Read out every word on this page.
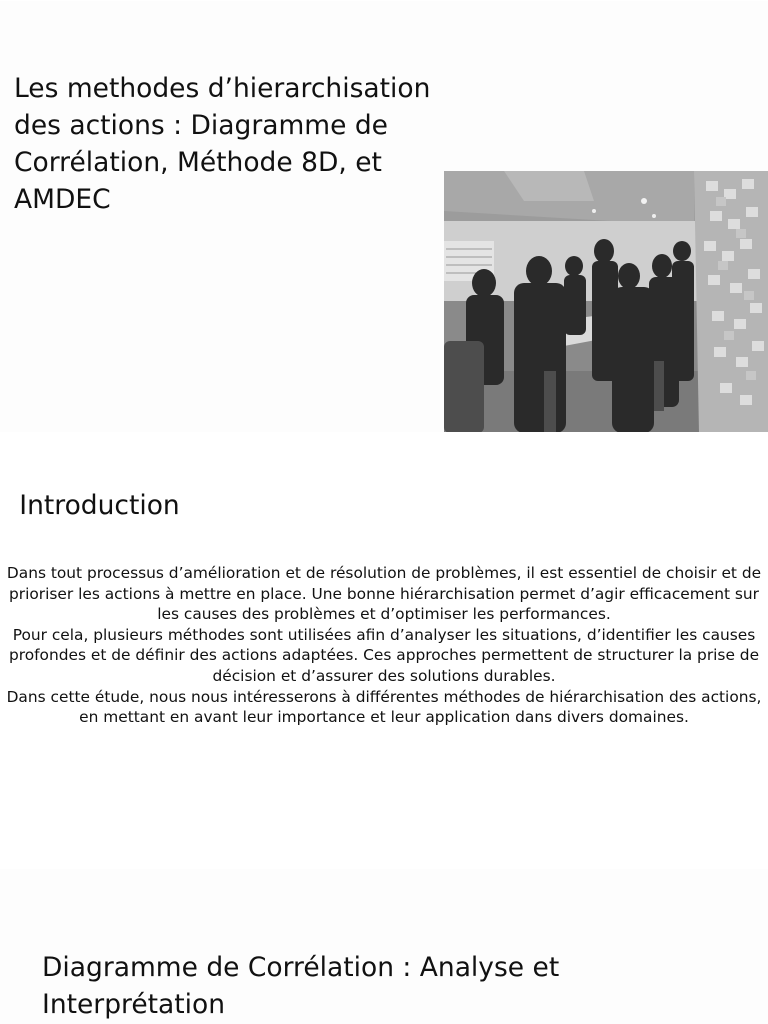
Les methodes d’hierarchisation des actions : Diagramme de Corrélation, Méthode 8D, et AMDEC
Introduction

Dans tout processus d’amélioration et de résolution de problèmes, il est essentiel de choisir et de prioriser les actions à mettre en place. Une bonne hiérarchisation permet d’agir efficacement sur les causes des problèmes et d’optimiser les performances.

Pour cela, plusieurs méthodes sont utilisées afin d’analyser les situations, d’identifier les causes profondes et de définir des actions adaptées. Ces approches permettent de structurer la prise de décision et d’assurer des solutions durables.

Dans cette étude, nous nous intéresserons à différentes méthodes de hiérarchisation des actions, en mettant en avant leur importance et leur application dans divers domaines.

Diagramme de Corrélation : Analyse et Interprétation
